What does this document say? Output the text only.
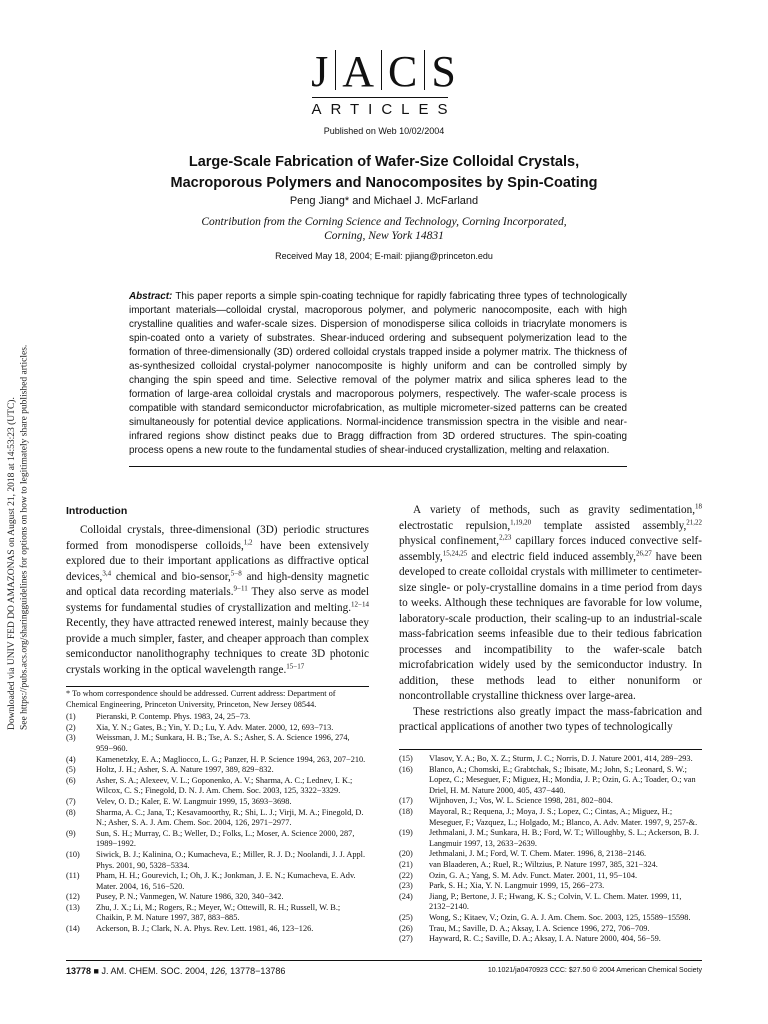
Downloaded via UNIV FED DO AMAZONAS on August 21, 2018 at 14:53:23 (UTC). See https://pubs.acs.org/sharingguidelines for options on how to legitimately share published articles.
J A C S
ARTICLES
Published on Web 10/02/2004
Large-Scale Fabrication of Wafer-Size Colloidal Crystals,
Macroporous Polymers and Nanocomposites by Spin-Coating
Peng Jiang* and Michael J. McFarland
Contribution from the Corning Science and Technology, Corning Incorporated,
Corning, New York 14831
Received May 18, 2004; E-mail: pjiang@princeton.edu
Abstract: This paper reports a simple spin-coating technique for rapidly fabricating three types of technologically important materials—colloidal crystal, macroporous polymer, and polymeric nanocomposite, each with high crystalline qualities and wafer-scale sizes. Dispersion of monodisperse silica colloids in triacrylate monomers is spin-coated onto a variety of substrates. Shear-induced ordering and subsequent polymerization lead to the formation of three-dimensionally (3D) ordered colloidal crystals trapped inside a polymer matrix. The thickness of as-synthesized colloidal crystal-polymer nanocomposite is highly uniform and can be controlled simply by changing the spin speed and time. Selective removal of the polymer matrix and silica spheres lead to the formation of large-area colloidal crystals and macroporous polymers, respectively. The wafer-scale process is compatible with standard semiconductor microfabrication, as multiple micrometer-sized patterns can be created simultaneously for potential device applications. Normal-incidence transmission spectra in the visible and near-infrared regions show distinct peaks due to Bragg diffraction from 3D ordered structures. The spin-coating process opens a new route to the fundamental studies of shear-induced crystallization, melting and relaxation.
Introduction

Colloidal crystals, three-dimensional (3D) periodic structures formed from monodisperse colloids,$^{1,2}$ have been extensively explored due to their important applications as diffractive optical devices,$^{3,4}$ chemical and bio-sensor,$^{5-8}$ and high-density magnetic and optical data recording materials.$^{9-11}$ They also serve as model systems for fundamental studies of crystallization and melting.$^{12-14}$ Recently, they have attracted renewed interest, mainly because they provide a much simpler, faster, and cheaper approach than complex semiconductor nanolithography techniques to create 3D photonic crystals working in the optical wavelength range.$^{15-17}$

* To whom correspondence should be addressed. Current address: Department of Chemical Engineering, Princeton University, Princeton, New Jersey 08544.

(1) Pieranski, P. Contemp. Phys. 1983, 24, 25−73.
(2) Xia, Y. N.; Gates, B.; Yin, Y. D.; Lu, Y. Adv. Mater. 2000, 12, 693−713.
(3) Weissman, J. M.; Sunkara, H. B.; Tse, A. S.; Asher, S. A. Science 1996, 274, 959−960.
(4) Kamenetzky, E. A.; Magliocco, L. G.; Panzer, H. P. Science 1994, 263, 207−210.
(5) Holtz, J. H.; Asher, S. A. Nature 1997, 389, 829−832.
(6) Asher, S. A.; Alexeev, V. L.; Goponenko, A. V.; Sharma, A. C.; Lednev, I. K.; Wilcox, C. S.; Finegold, D. N. J. Am. Chem. Soc. 2003, 125, 3322−3329.
(7) Velev, O. D.; Kaler, E. W. Langmuir 1999, 15, 3693−3698.
(8) Sharma, A. C.; Jana, T.; Kesavamoorthy, R.; Shi, L. J.; Virji, M. A.; Finegold, D. N.; Asher, S. A. J. Am. Chem. Soc. 2004, 126, 2971−2977.
(9) Sun, S. H.; Murray, C. B.; Weller, D.; Folks, L.; Moser, A. Science 2000, 287, 1989−1992.
(10) Siwick, B. J.; Kalinina, O.; Kumacheva, E.; Miller, R. J. D.; Noolandi, J. J. Appl. Phys. 2001, 90, 5328−5334.
(11) Pham, H. H.; Gourevich, I.; Oh, J. K.; Jonkman, J. E. N.; Kumacheva, E. Adv. Mater. 2004, 16, 516−520.
(12) Pusey, P. N.; Vanmegen, W. Nature 1986, 320, 340−342.
(13) Zhu, J. X.; Li, M.; Rogers, R.; Meyer, W.; Ottewill, R. H.; Russell, W. B.; Chaikin, P. M. Nature 1997, 387, 883−885.
(14) Ackerson, B. J.; Clark, N. A. Phys. Rev. Lett. 1981, 46, 123−126.

A variety of methods, such as gravity sedimentation,$^{18}$ electrostatic repulsion,$^{1,19,20}$ template assisted assembly,$^{21,22}$ physical confinement,$^{2,23}$ capillary forces induced convective self-assembly,$^{15,24,25}$ and electric field induced assembly,$^{26,27}$ have been developed to create colloidal crystals with millimeter to centimeter-size single- or poly-crystalline domains in a time period from days to weeks. Although these techniques are favorable for low volume, laboratory-scale production, their scaling-up to an industrial-scale mass-fabrication seems infeasible due to their tedious fabrication processes and incompatibility to the wafer-scale batch microfabrication widely used by the semiconductor industry. In addition, these methods lead to either nonuniform or noncontrollable crystalline thickness over large-area.

These restrictions also greatly impact the mass-fabrication and practical applications of another two types of technologically

(15) Vlasov, Y. A.; Bo, X. Z.; Sturm, J. C.; Norris, D. J. Nature 2001, 414, 289−293.
(16) Blanco, A.; Chomski, E.; Grabtchak, S.; Ibisate, M.; John, S.; Leonard, S. W.; Lopez, C.; Meseguer, F.; Miguez, H.; Mondia, J. P.; Ozin, G. A.; Toader, O.; van Driel, H. M. Nature 2000, 405, 437−440.
(17) Wijnhoven, J.; Vos, W. L. Science 1998, 281, 802−804.
(18) Mayoral, R.; Requena, J.; Moya, J. S.; Lopez, C.; Cintas, A.; Miguez, H.; Meseguer, F.; Vazquez, L.; Holgado, M.; Blanco, A. Adv. Mater. 1997, 9, 257-&.
(19) Jethmalani, J. M.; Sunkara, H. B.; Ford, W. T.; Willoughby, S. L.; Ackerson, B. J. Langmuir 1997, 13, 2633−2639.
(20) Jethmalani, J. M.; Ford, W. T. Chem. Mater. 1996, 8, 2138−2146.
(21) van Blaaderen, A.; Ruel, R.; Wiltzius, P. Nature 1997, 385, 321−324.
(22) Ozin, G. A.; Yang, S. M. Adv. Funct. Mater. 2001, 11, 95−104.
(23) Park, S. H.; Xia, Y. N. Langmuir 1999, 15, 266−273.
(24) Jiang, P.; Bertone, J. F.; Hwang, K. S.; Colvin, V. L. Chem. Mater. 1999, 11, 2132−2140.
(25) Wong, S.; Kitaev, V.; Ozin, G. A. J. Am. Chem. Soc. 2003, 125, 15589−15598.
(26) Trau, M.; Saville, D. A.; Aksay, I. A. Science 1996, 272, 706−709.
(27) Hayward, R. C.; Saville, D. A.; Aksay, I. A. Nature 2000, 404, 56−59.
13778 ■ J. AM. CHEM. SOC. 2004, 126, 13778−13786	10.1021/ja0470923 CCC: $27.50 © 2004 American Chemical Society
